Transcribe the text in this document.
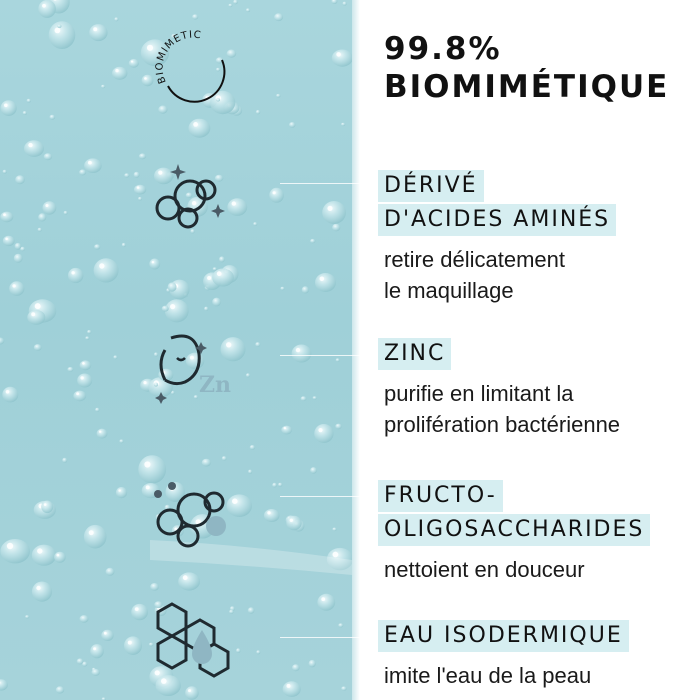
BIOMIMETIC
Zn
99.8%
BIOMIMÉTIQUE
DÉRIVÉ
D'ACIDES AMINÉS
retire délicatement
le maquillage
ZINC
purifie en limitant la
prolifération bactérienne
FRUCTO-
OLIGOSACCHARIDES
nettoient en douceur
EAU ISODERMIQUE
imite l'eau de la peau
